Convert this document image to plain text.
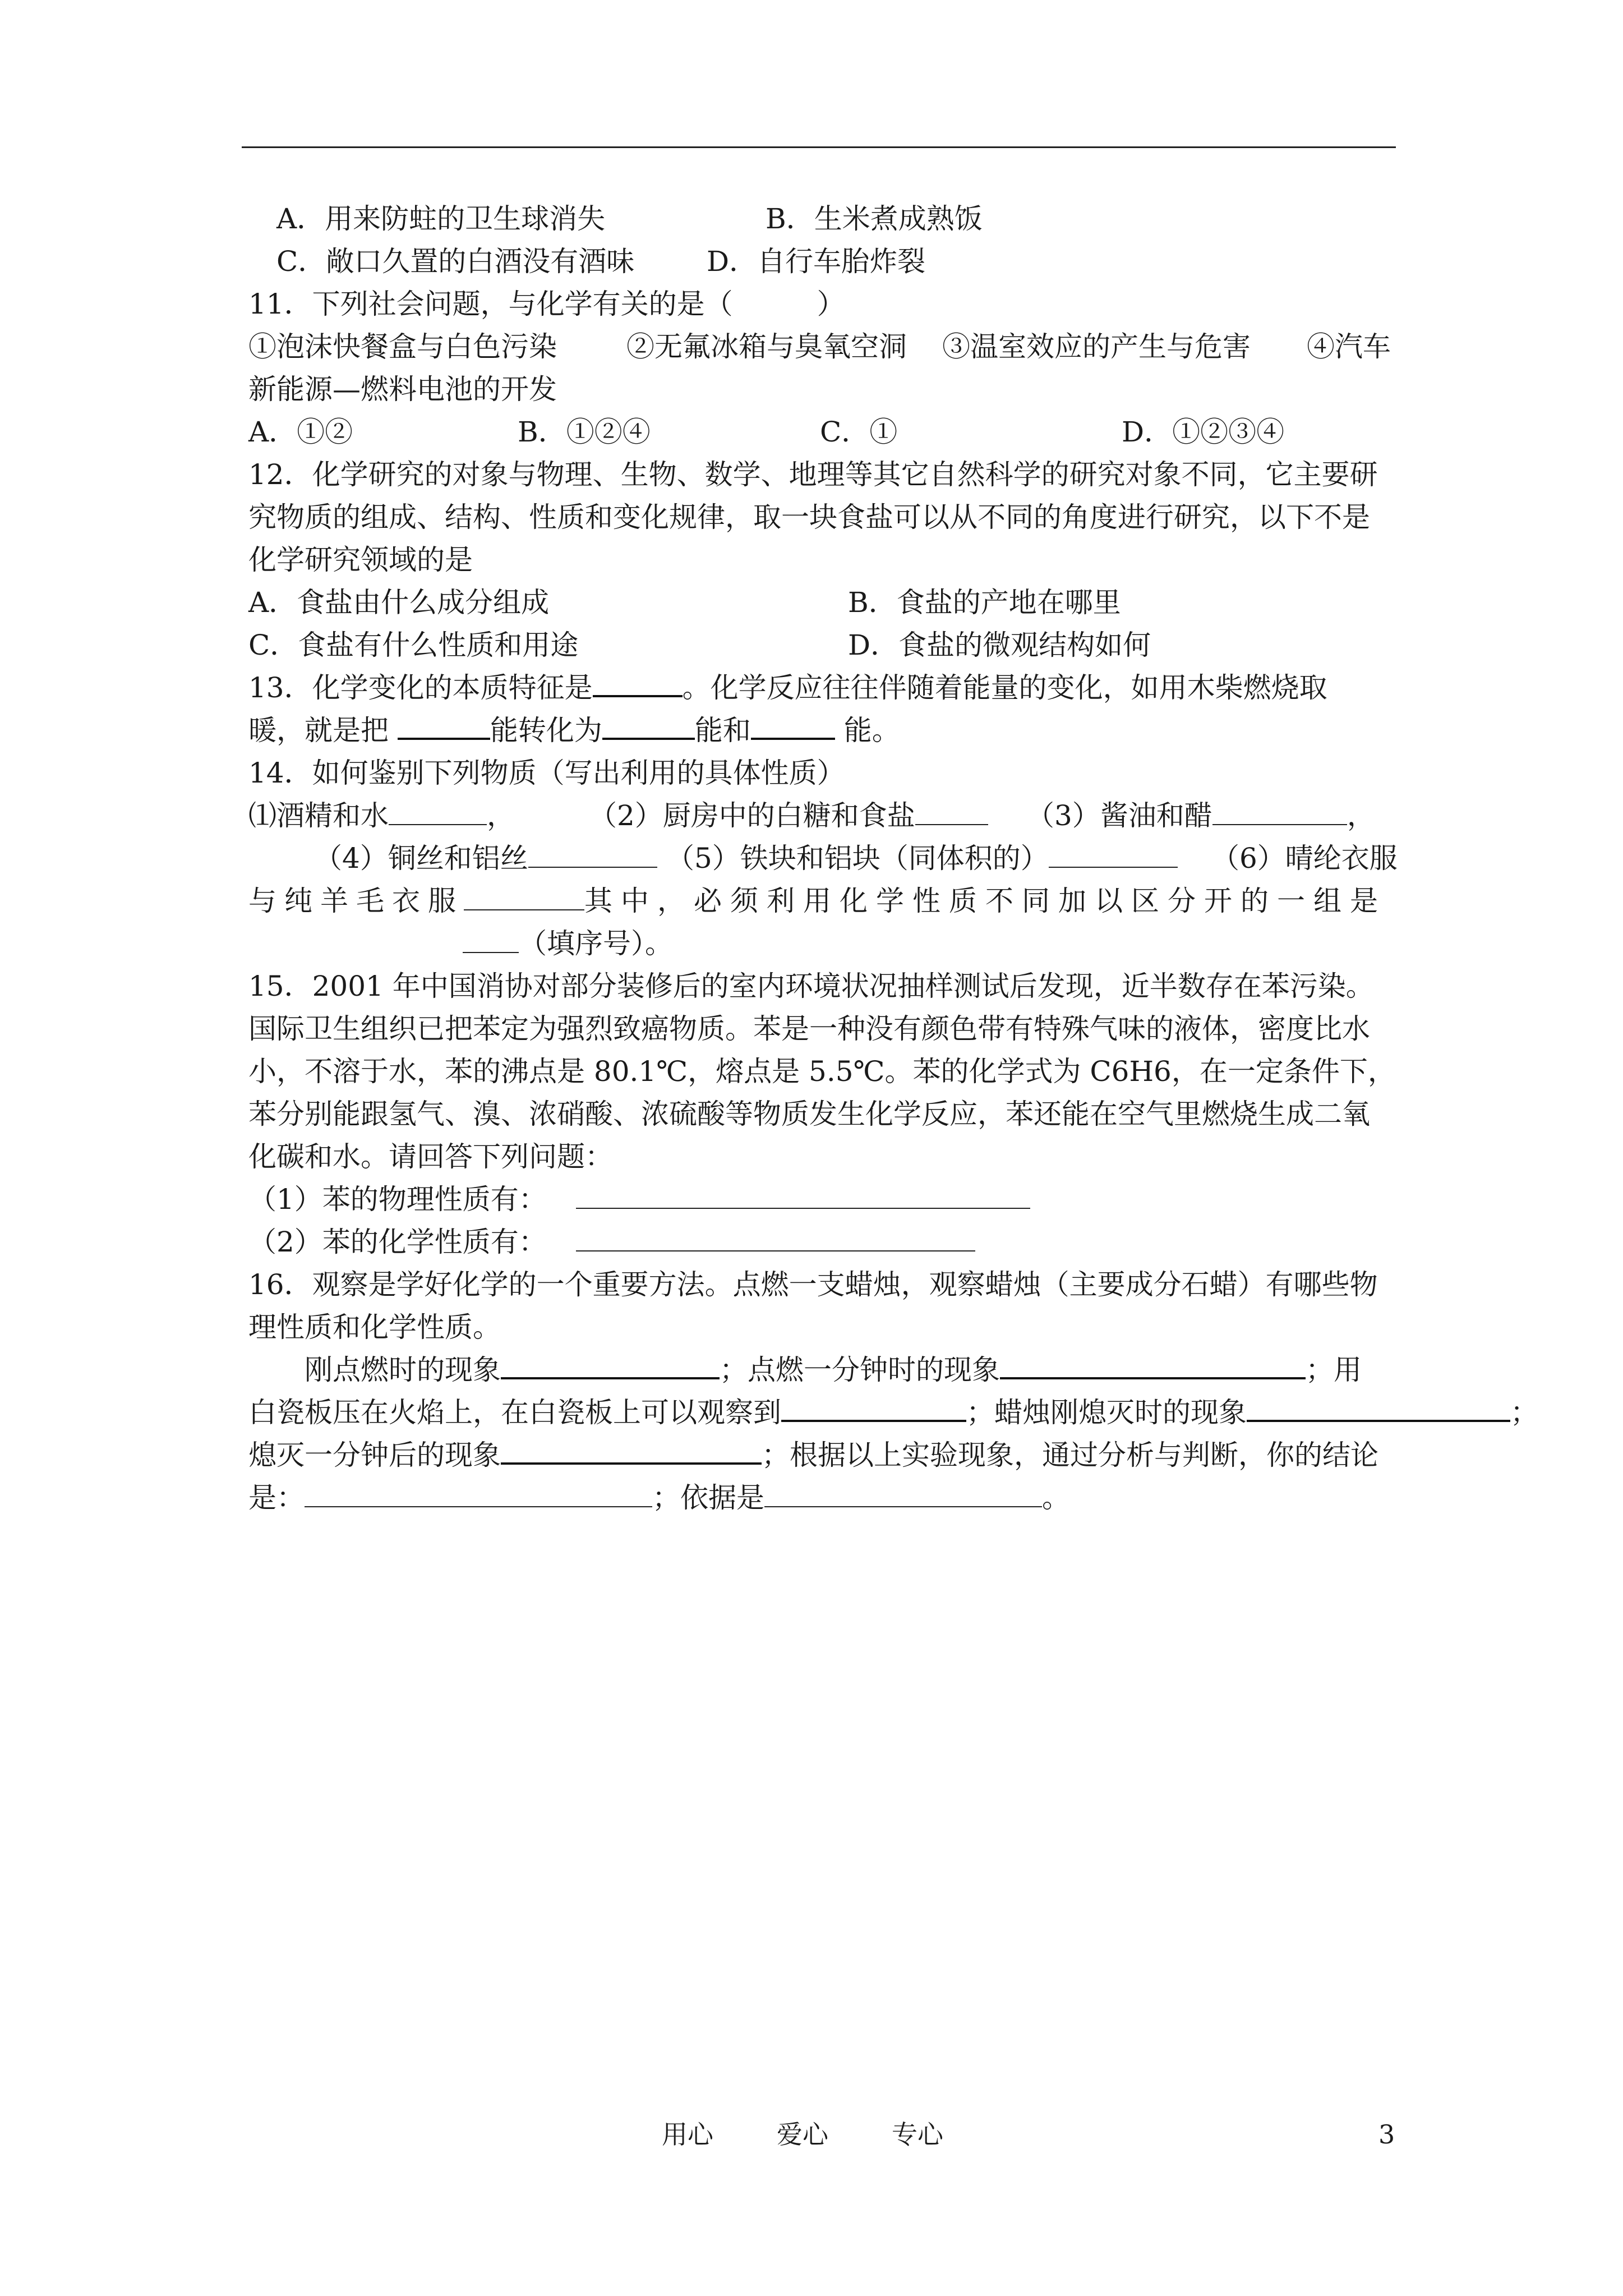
A．用来防蛀的卫生球消失	B．生米煮成熟饭
C．敞口久置的白酒没有酒味	D．自行车胎炸裂
11．下列社会问题，与化学有关的是（　　　）
①泡沫快餐盒与白色污染 ②无氟冰箱与臭氧空洞 ③温室效应的产生与危害 ④汽车
新能源—燃料电池的开发
A．①②	B．①②④	C．①	D．①②③④
12．化学研究的对象与物理、生物、数学、地理等其它自然科学的研究对象不同，它主要研
究物质的组成、结构、性质和变化规律，取一块食盐可以从不同的角度进行研究，以下不是
化学研究领域的是
A．食盐由什么成分组成	B．食盐的产地在哪里
C．食盐有什么性质和用途	D．食盐的微观结构如何
13．化学变化的本质特征是	。化学反应往往伴随着能量的变化，如用木柴燃烧取
暖，就是把	能转化为	能和	能。
14．如何鉴别下列物质（写出利用的具体性质）
⑴酒精和水	，	（2）厨房中的白糖和食盐	（3）酱油和醋	，
（4）铜丝和铝丝	（5）铁块和铝块（同体积的）	（6）晴纶衣服
与纯羊毛衣服	其中，必须利用化学性质不同加以区分开的一组是
（填序号）。
15．2001 年中国消协对部分装修后的室内环境状况抽样测试后发现，近半数存在苯污染。
国际卫生组织已把苯定为强烈致癌物质。苯是一种没有颜色带有特殊气味的液体，密度比水
小，不溶于水，苯的沸点是 80.1℃，熔点是 5.5℃。苯的化学式为 C6H6，在一定条件下，
苯分别能跟氢气、溴、浓硝酸、浓硫酸等物质发生化学反应，苯还能在空气里燃烧生成二氧
化碳和水。请回答下列问题：
（1）苯的物理性质有：
（2）苯的化学性质有：
16．观察是学好化学的一个重要方法。点燃一支蜡烛，观察蜡烛（主要成分石蜡）有哪些物
理性质和化学性质。
刚点燃时的现象	；点燃一分钟时的现象	；用
白瓷板压在火焰上，在白瓷板上可以观察到	；蜡烛刚熄灭时的现象	；
熄灭一分钟后的现象	；根据以上实验现象，通过分析与判断，你的结论
是：	；依据是	。
用心 爱心 专心	3
